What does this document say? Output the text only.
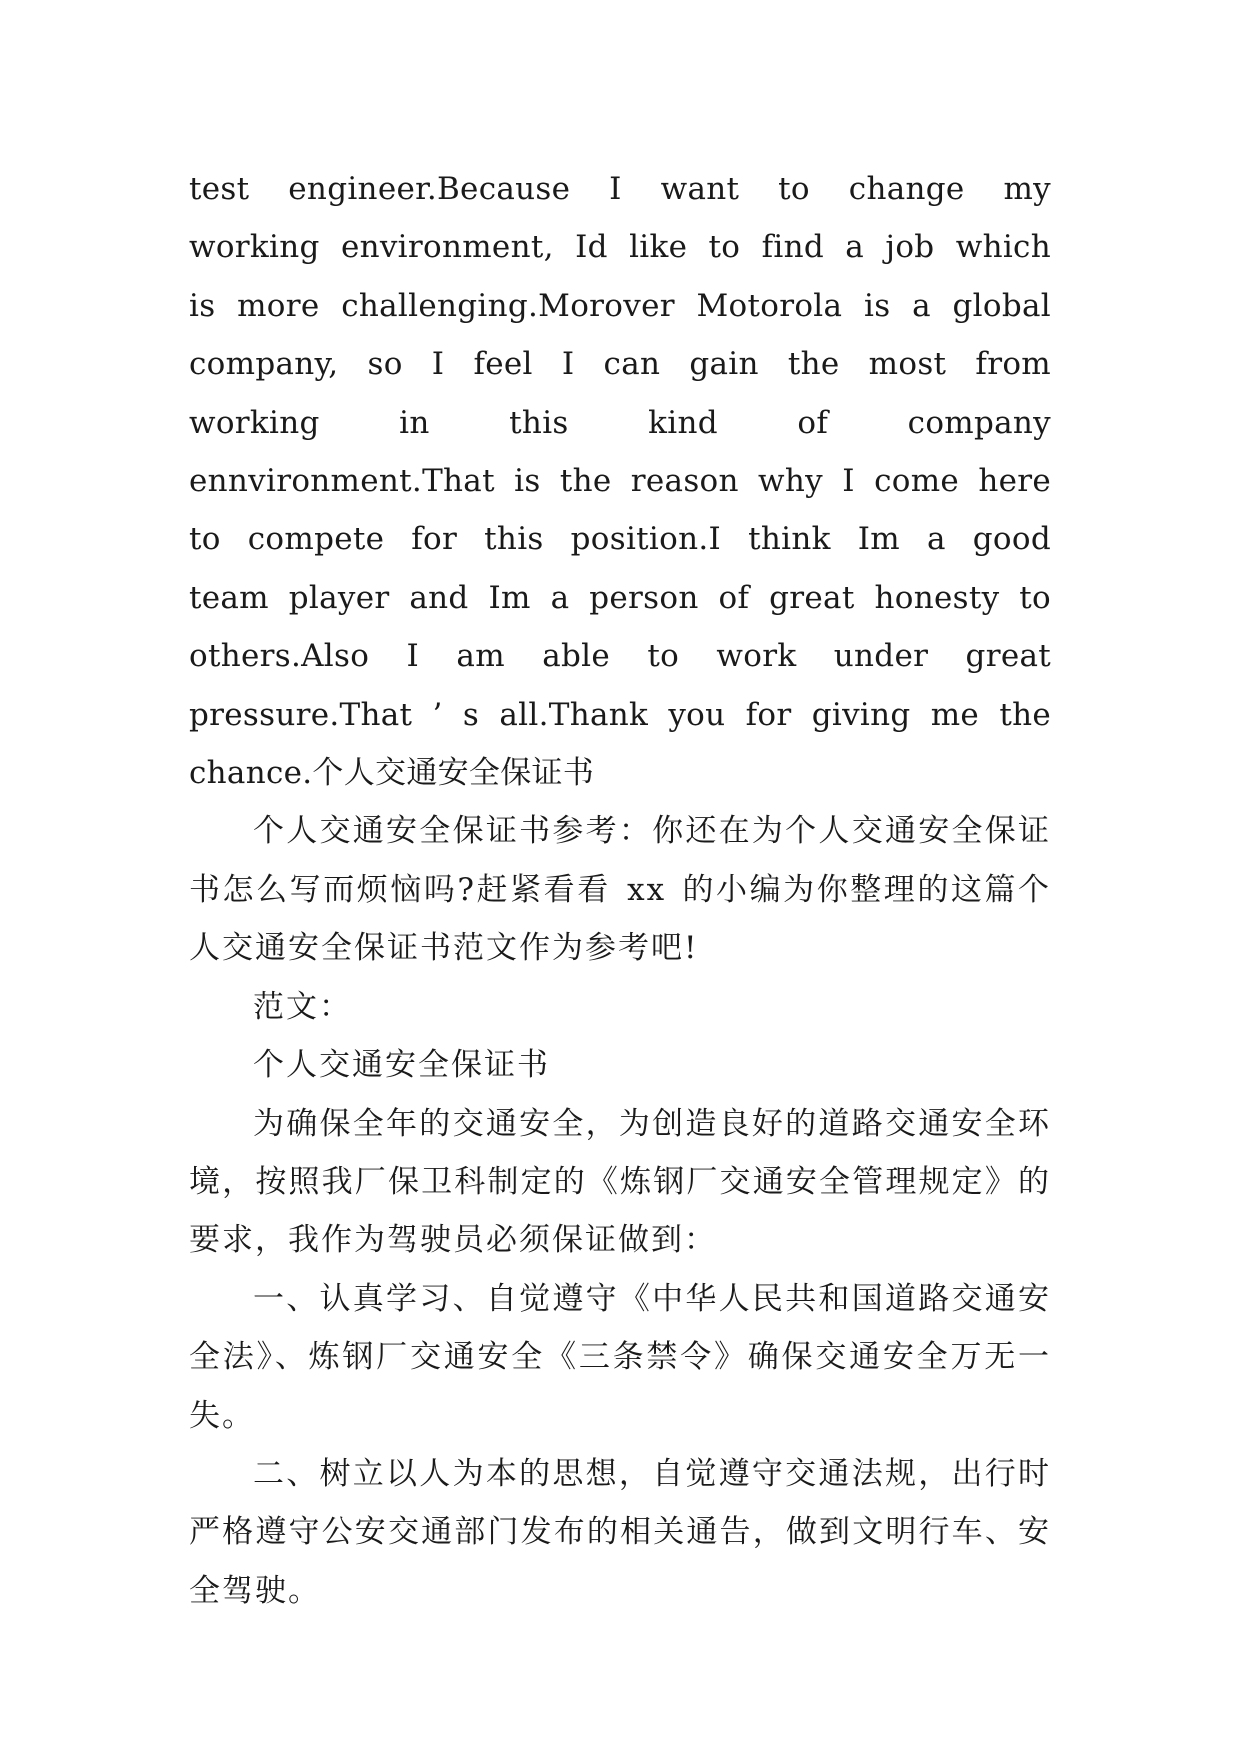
test engineer.Because I want to change my working environment, Id like to find a job which is more challenging.Morover Motorola is a global company, so I feel I can gain the most from working in this kind of company ennvironment.That is the reason why I come here to compete for this position.I think Im a good team player and Im a person of great honesty to others.Also I am able to work under great pressure.That ’ s all.Thank you for giving me the chance.个人交通安全保证书

个人交通安全保证书参考：你还在为个人交通安全保证书怎么写而烦恼吗?赶紧看看 xx 的小编为你整理的这篇个人交通安全保证书范文作为参考吧!

范文：

个人交通安全保证书

为确保全年的交通安全，为创造良好的道路交通安全环境，按照我厂保卫科制定的《炼钢厂交通安全管理规定》的要求，我作为驾驶员必须保证做到：

一、认真学习、自觉遵守《中华人民共和国道路交通安全法》、炼钢厂交通安全《三条禁令》确保交通安全万无一失。

二、树立以人为本的思想，自觉遵守交通法规，出行时严格遵守公安交通部门发布的相关通告，做到文明行车、安全驾驶。
